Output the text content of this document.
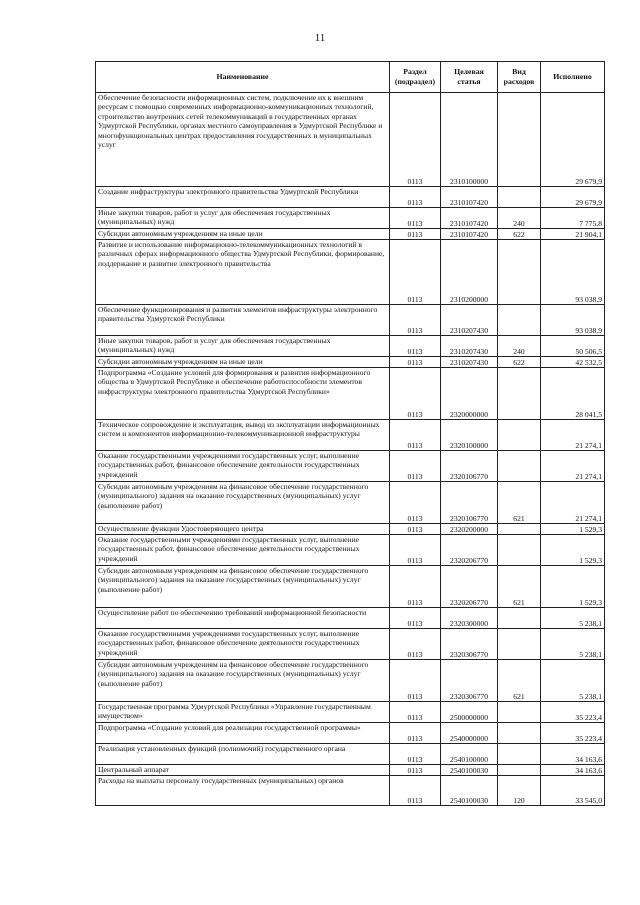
11
Наименование	Раздел (подраздел)	Целевая статья	Вид расходов	Исполнено
Обеспечение безопасности информационных систем, подключение их к внешним ресурсам с помощью современных информационно-коммуникационных технологий, строительство внутренних сетей телекоммуникаций в государственных органах Удмуртской Республики, органах местного самоуправления в Удмуртской Республике и многофункциональных центрах предоставления государственных и муниципальных услуг	0113	2310100000		29 679,9
Создание инфраструктуры электронного правительства Удмуртской Республики	0113	2310107420		29 679,9
Иные закупки товаров, работ и услуг для обеспечения государственных (муниципальных) нужд	0113	2310107420	240	7 775,8
Субсидии автономным учреждениям на иные цели	0113	2310107420	622	21 904,1
Развитие и использование информационно-телекоммуникационных технологий в различных сферах информационного общества Удмуртской Республики, формирование, поддержание и развитие электронного правительства	0113	2310200000		93 038,9
Обеспечение функционирования и развития элементов инфраструктуры электронного правительства Удмуртской Республики	0113	2310207430		93 038,9
Иные закупки товаров, работ и услуг для обеспечения государственных (муниципальных) нужд	0113	2310207430	240	50 506,5
Субсидии автономным учреждениям на иные цели	0113	2310207430	622	42 532,5
Подпрограмма «Создание условий для формирования и развития информационного общества в Удмуртской Республике и обеспечение работоспособности элементов инфраструктуры электронного правительства Удмуртской Республики»	0113	2320000000		28 041,5
Техническое сопровождение и эксплуатация, вывод из эксплуатации информационных систем и компонентов информационно-телекоммуникационной инфраструктуры	0113	2320100000		21 274,1
Оказание государственными учреждениями государственных услуг, выполнение государственных работ, финансовое обеспечение деятельности государственных учреждений	0113	2320106770		21 274,1
Субсидии автономным учреждениям на финансовое обеспечение государственного (муниципального) задания на оказание государственных (муниципальных) услуг (выполнение работ)	0113	2320106770	621	21 274,1
Осуществление функции Удостоверяющего центра	0113	2320200000		1 529,3
Оказание государственными учреждениями государственных услуг, выполнение государственных работ, финансовое обеспечение деятельности государственных учреждений	0113	2320206770		1 529,3
Субсидии автономным учреждениям на финансовое обеспечение государственного (муниципального) задания на оказание государственных (муниципальных) услуг (выполнение работ)	0113	2320206770	621	1 529,3
Осуществление работ по обеспечению требований информационной безопасности	0113	2320300000		5 238,1
Оказание государственными учреждениями государственных услуг, выполнение государственных работ, финансовое обеспечение деятельности государственных учреждений	0113	2320306770		5 238,1
Субсидии автономным учреждениям на финансовое обеспечение государственного (муниципального) задания на оказание государственных (муниципальных) услуг (выполнение работ)	0113	2320306770	621	5 238,1
Государственная программа Удмуртской Республики «Управление государственным имуществом»	0113	2500000000		35 223,4
Подпрограмма «Создание условий для реализации государственной программы»	0113	2540000000		35 223,4
Реализация установленных функций (полномочий) государственного органа	0113	2540100000		34 163,6
Центральный аппарат	0113	2540100030		34 163,6
Расходы на выплаты персоналу государственных (муниципальных) органов	0113	2540100030	120	33 545,0
